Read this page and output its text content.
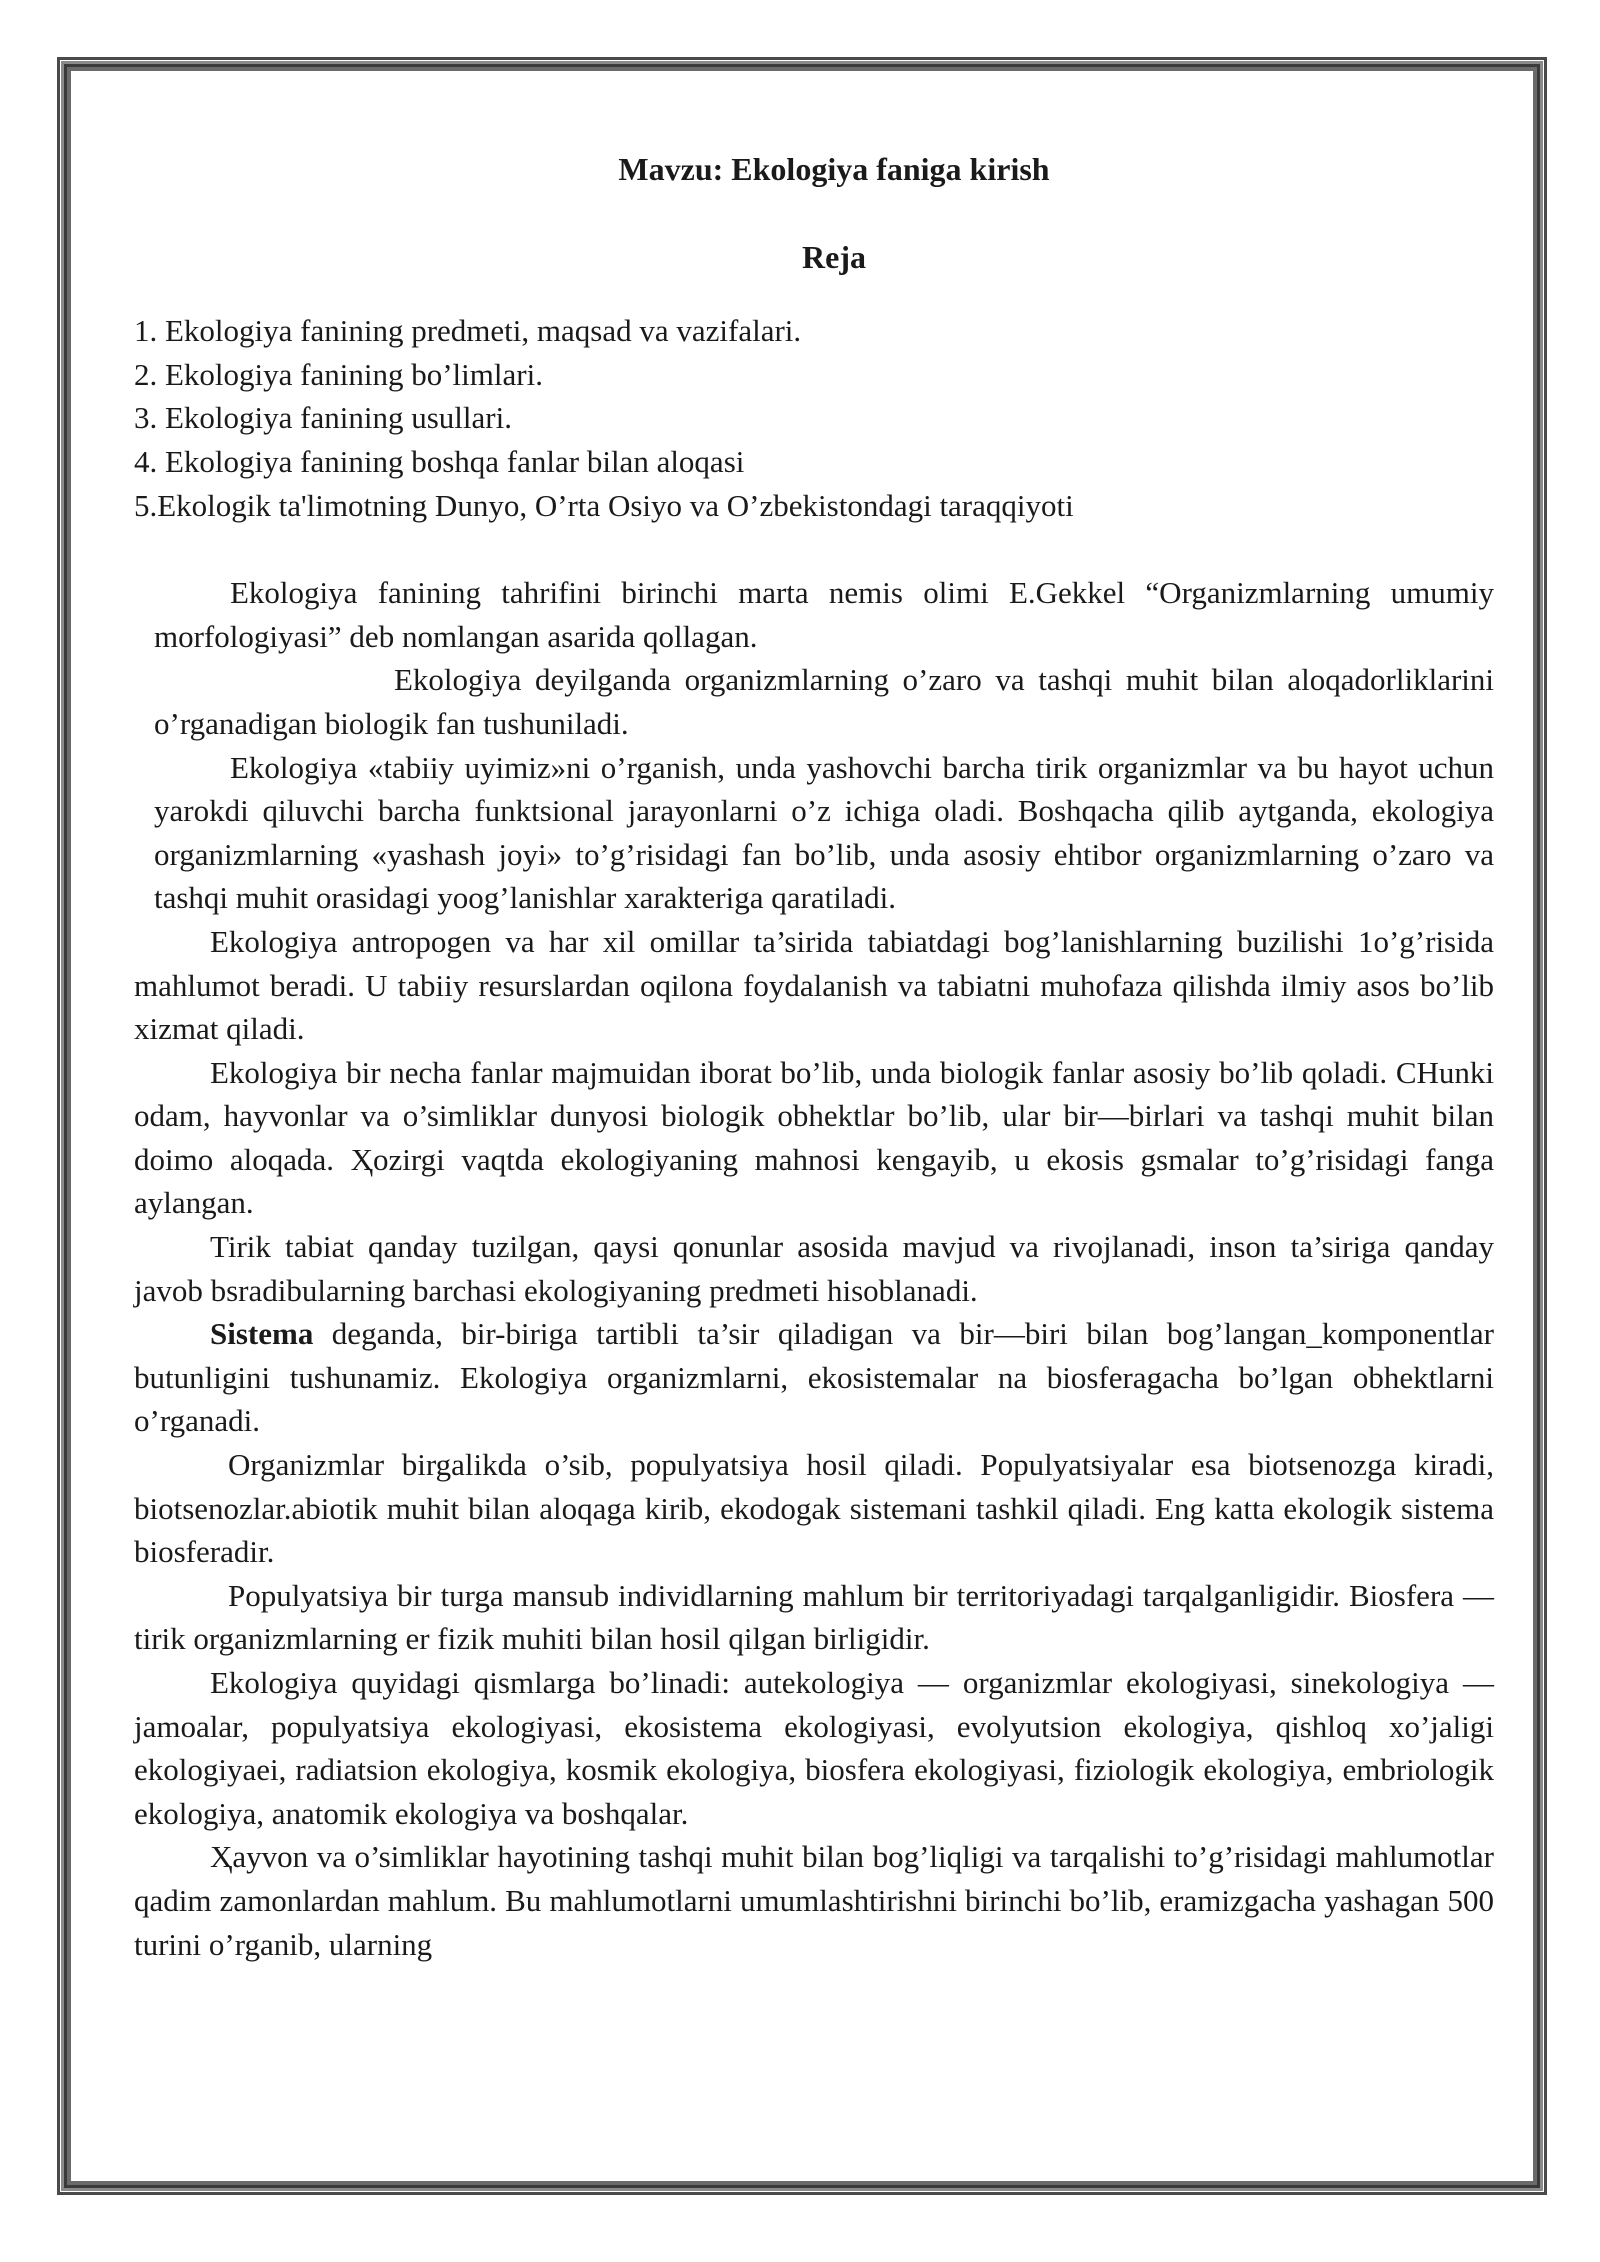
Mavzu: Ekologiya faniga kirish
Reja
1. Ekologiya fanining predmeti, maqsad va vazifalari.
2. Ekologiya fanining bo’limlari.
3. Ekologiya fanining usullari.
4. Ekologiya fanining boshqa fanlar bilan aloqasi
5.Ekologik ta'limotning Dunyo, O’rta Osiyo va O’zbekistondagi taraqqiyoti

Ekologiya fanining tahrifini birinchi marta nemis olimi E.Gekkel “Organizmlarning umumiy morfologiyasi” deb nomlangan asarida qollagan.

Ekologiya deyilganda organizmlarning o’zaro va tashqi muhit bilan aloqadorliklarini o’rganadigan biologik fan tushuniladi.

Ekologiya «tabiiy uyimiz»ni o’rganish, unda yashovchi barcha tirik organizmlar va bu hayot uchun yarokdi qiluvchi barcha funktsional jarayonlarni o’z ichiga oladi. Boshqacha qilib aytganda, ekologiya organizmlarning «yashash joyi» to’g’risidagi fan bo’lib, unda asosiy ehtibor organizmlarning o’zaro va tashqi muhit orasidagi yoog’lanishlar xarakteriga qaratiladi.

Ekologiya antropogen va har xil omillar ta’sirida tabiatdagi bog’lanishlarning buzilishi 1o’g’risida mahlumot beradi. U tabiiy resurslardan oqilona foydalanish va tabiatni muhofaza qilishda ilmiy asos bo’lib xizmat qiladi.

Ekologiya bir necha fanlar majmuidan iborat bo’lib, unda biologik fanlar asosiy bo’lib qoladi. CHunki odam, hayvonlar va o’simliklar dunyosi biologik obhektlar bo’lib, ular bir—birlari va tashqi muhit bilan doimo aloqada. Ҳozirgi vaqtda ekologiyaning mahnosi kengayib, u ekosis gsmalar to’g’risidagi fanga aylangan.

Tirik tabiat qanday tuzilgan, qaysi qonunlar asosida mavjud va rivojlanadi, inson ta’siriga qanday javob bsradibularning barchasi ekologiyaning predmeti hisoblanadi.

Sistema deganda, bir-biriga tartibli ta’sir qiladigan va bir—biri bilan bog’langan_komponentlar butunligini tushunamiz. Ekologiya organizmlarni, ekosistemalar na biosferagacha bo’lgan obhektlarni o’rganadi.

Organizmlar birgalikda o’sib, populyatsiya hosil qiladi. Populyatsiyalar esa biotsenozga kiradi, biotsenozlar.abiotik muhit bilan aloqaga kirib, ekodogak sistemani tashkil qiladi. Eng katta ekologik sistema biosferadir.

Populyatsiya bir turga mansub individlarning mahlum bir territoriyadagi tarqalganligidir. Biosfera — tirik organizmlarning er fizik muhiti bilan hosil qilgan birligidir.

Ekologiya quyidagi qismlarga bo’linadi: autekologiya — organizmlar ekologiyasi, sinekologiya —jamoalar, populyatsiya ekologiyasi, ekosistema ekologiyasi, evolyutsion ekologiya, qishloq xo’jaligi ekologiyaei, radiatsion ekologiya, kosmik ekologiya, biosfera ekologiyasi, fiziologik ekologiya, embriologik ekologiya, anatomik ekologiya va boshqalar.

Ҳayvon va o’simliklar hayotining tashqi muhit bilan bog’liqligi va tarqalishi to’g’risidagi mahlumotlar qadim zamonlardan mahlum. Bu mahlumotlarni umumlashtirishni birinchi bo’lib, eramizgacha yashagan 500 turini o’rganib, ularning
